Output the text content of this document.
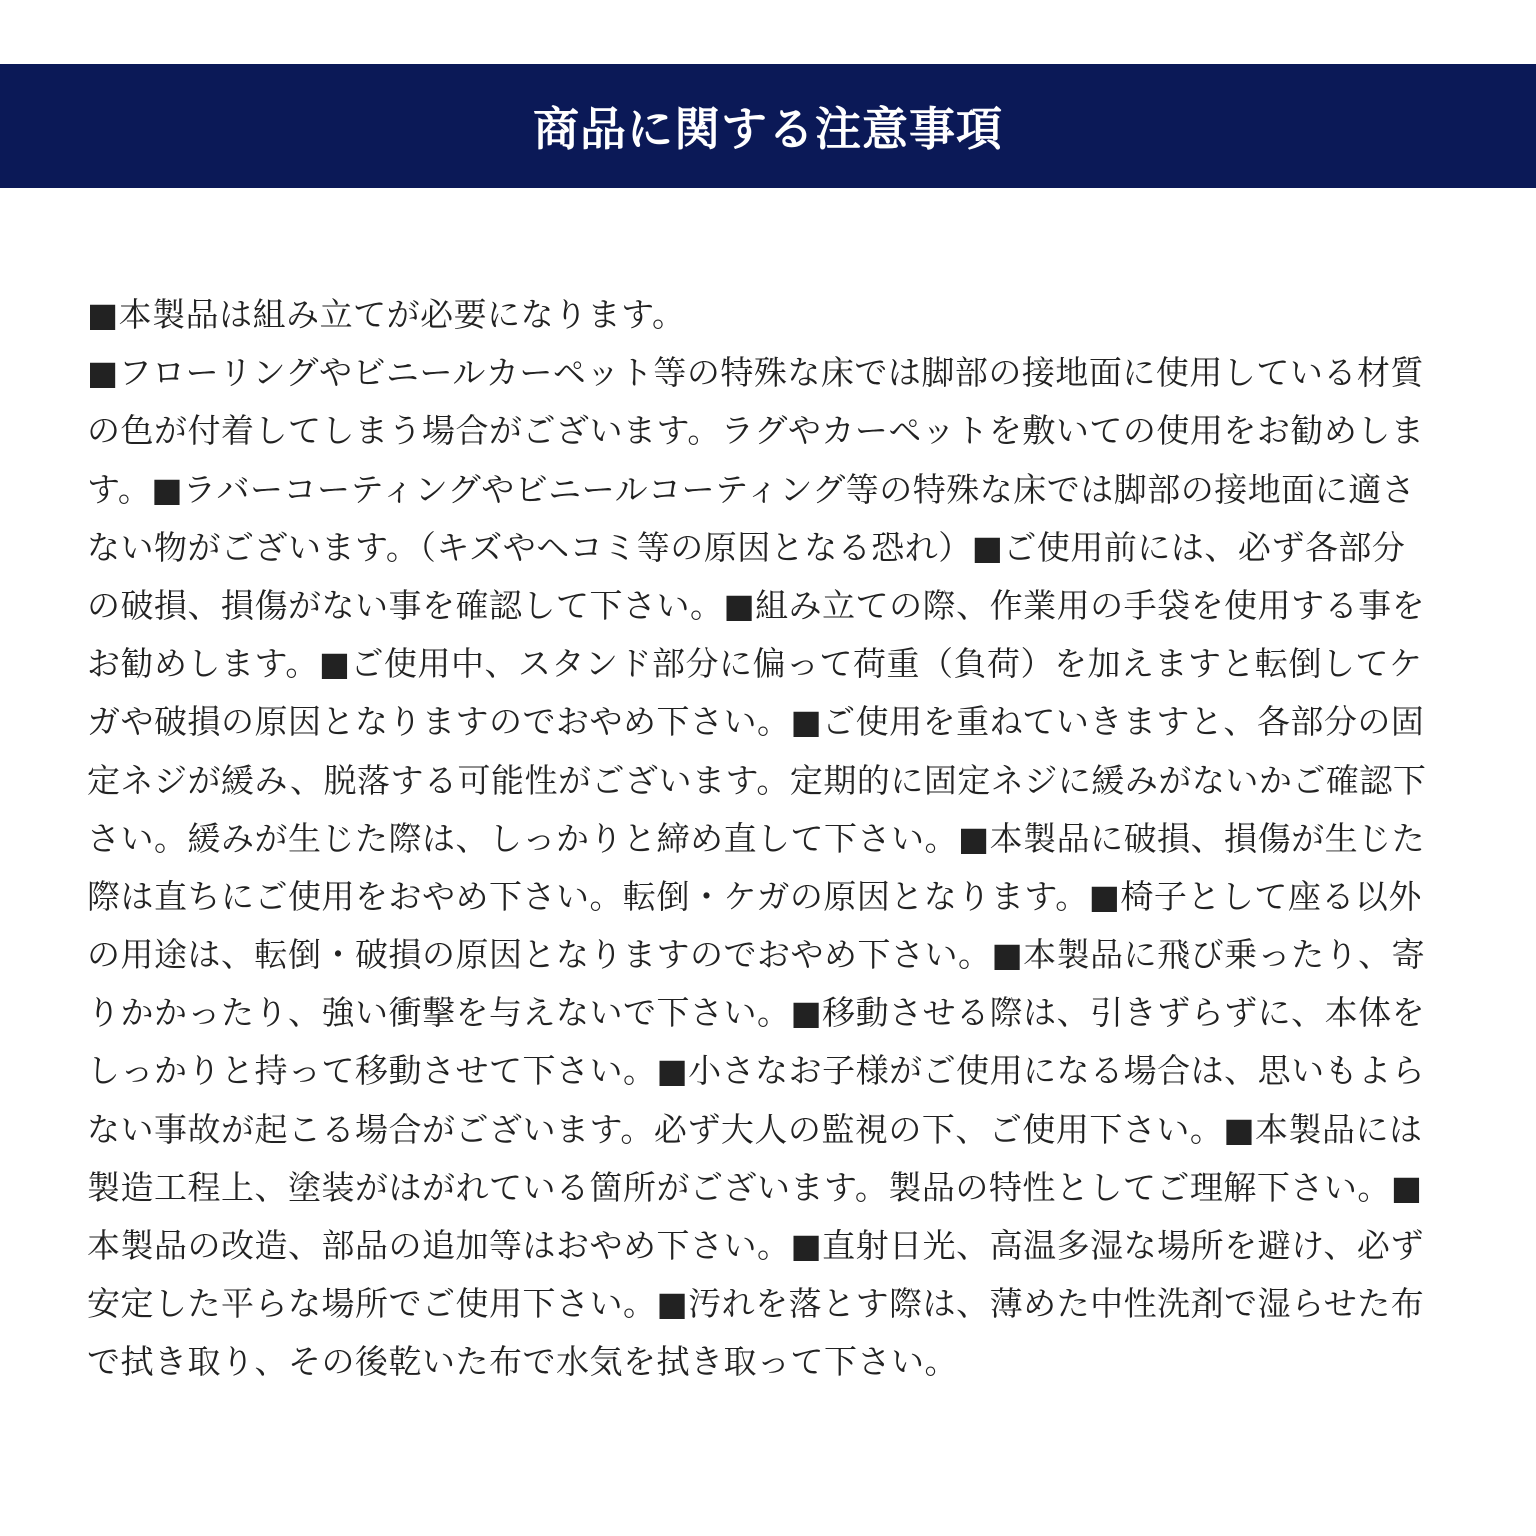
商品に関する注意事項
■本製品は組み立てが必要になります。
■フローリングやビニールカーペット等の特殊な床では脚部の接地面に使用している材質
の色が付着してしまう場合がございます。ラグやカーペットを敷いての使用をお勧めしま
す。■ラバーコーティングやビニールコーティング等の特殊な床では脚部の接地面に適さ
ない物がございます。（キズやヘコミ等の原因となる恐れ）■ご使用前には、必ず各部分
の破損、損傷がない事を確認して下さい。■組み立ての際、作業用の手袋を使用する事を
お勧めします。■ご使用中、スタンド部分に偏って荷重（負荷）を加えますと転倒してケ
ガや破損の原因となりますのでおやめ下さい。■ご使用を重ねていきますと、各部分の固
定ネジが緩み、脱落する可能性がございます。定期的に固定ネジに緩みがないかご確認下
さい。緩みが生じた際は、しっかりと締め直して下さい。■本製品に破損、損傷が生じた
際は直ちにご使用をおやめ下さい。転倒・ケガの原因となります。■椅子として座る以外
の用途は、転倒・破損の原因となりますのでおやめ下さい。■本製品に飛び乗ったり、寄
りかかったり、強い衝撃を与えないで下さい。■移動させる際は、引きずらずに、本体を
しっかりと持って移動させて下さい。■小さなお子様がご使用になる場合は、思いもよら
ない事故が起こる場合がございます。必ず大人の監視の下、ご使用下さい。■本製品には
製造工程上、塗装がはがれている箇所がございます。製品の特性としてご理解下さい。■
本製品の改造、部品の追加等はおやめ下さい。■直射日光、高温多湿な場所を避け、必ず
安定した平らな場所でご使用下さい。■汚れを落とす際は、薄めた中性洗剤で湿らせた布
で拭き取り、その後乾いた布で水気を拭き取って下さい。
